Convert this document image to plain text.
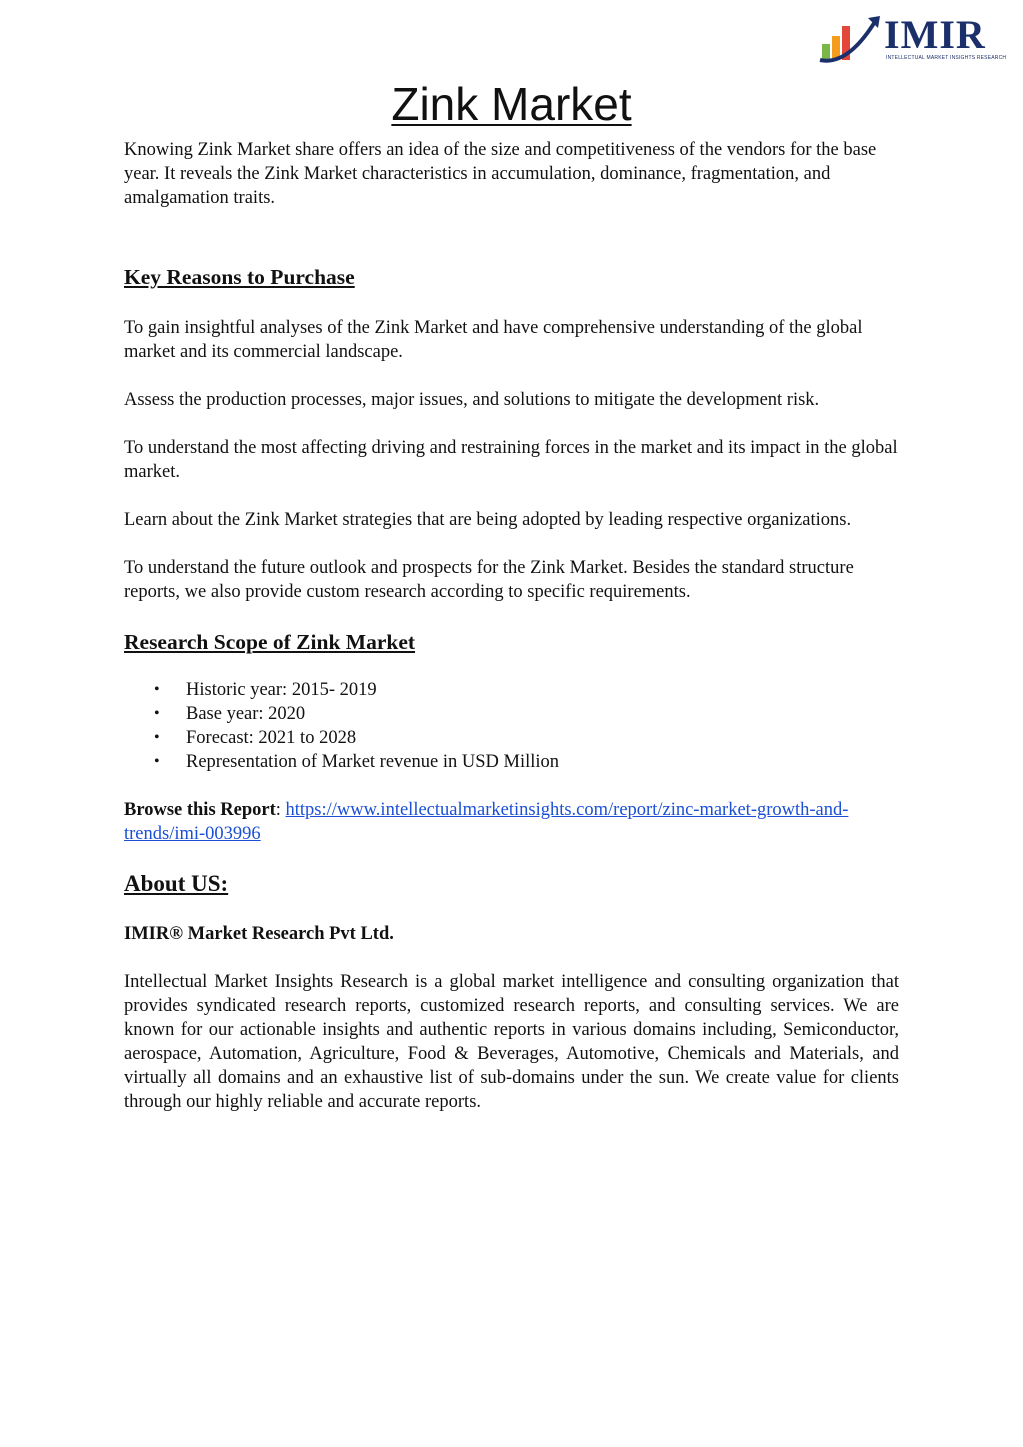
IMIR
INTELLECTUAL MARKET INSIGHTS RESEARCH
Zink Market

Knowing Zink Market share offers an idea of the size and competitiveness of the vendors for the base year. It reveals the Zink Market characteristics in accumulation, dominance, fragmentation, and amalgamation traits.

Key Reasons to Purchase

To gain insightful analyses of the Zink Market and have comprehensive understanding of the global market and its commercial landscape.

Assess the production processes, major issues, and solutions to mitigate the development risk.

To understand the most affecting driving and restraining forces in the market and its impact in the global market.

Learn about the Zink Market strategies that are being adopted by leading respective organizations.

To understand the future outlook and prospects for the Zink Market. Besides the standard structure reports, we also provide custom research according to specific requirements.

Research Scope of Zink Market
• Historic year: 2015- 2019
• Base year: 2020
• Forecast: 2021 to 2028
• Representation of Market revenue in USD Million

Browse this Report: https://www.intellectualmarketinsights.com/report/zinc-market-growth-and-trends/imi-003996

About US:

IMIR® Market Research Pvt Ltd.

Intellectual Market Insights Research is a global market intelligence and consulting organization that provides syndicated research reports, customized research reports, and consulting services. We are known for our actionable insights and authentic reports in various domains including, Semiconductor, aerospace, Automation, Agriculture, Food & Beverages, Automotive, Chemicals and Materials, and virtually all domains and an exhaustive list of sub-domains under the sun. We create value for clients through our highly reliable and accurate reports.
